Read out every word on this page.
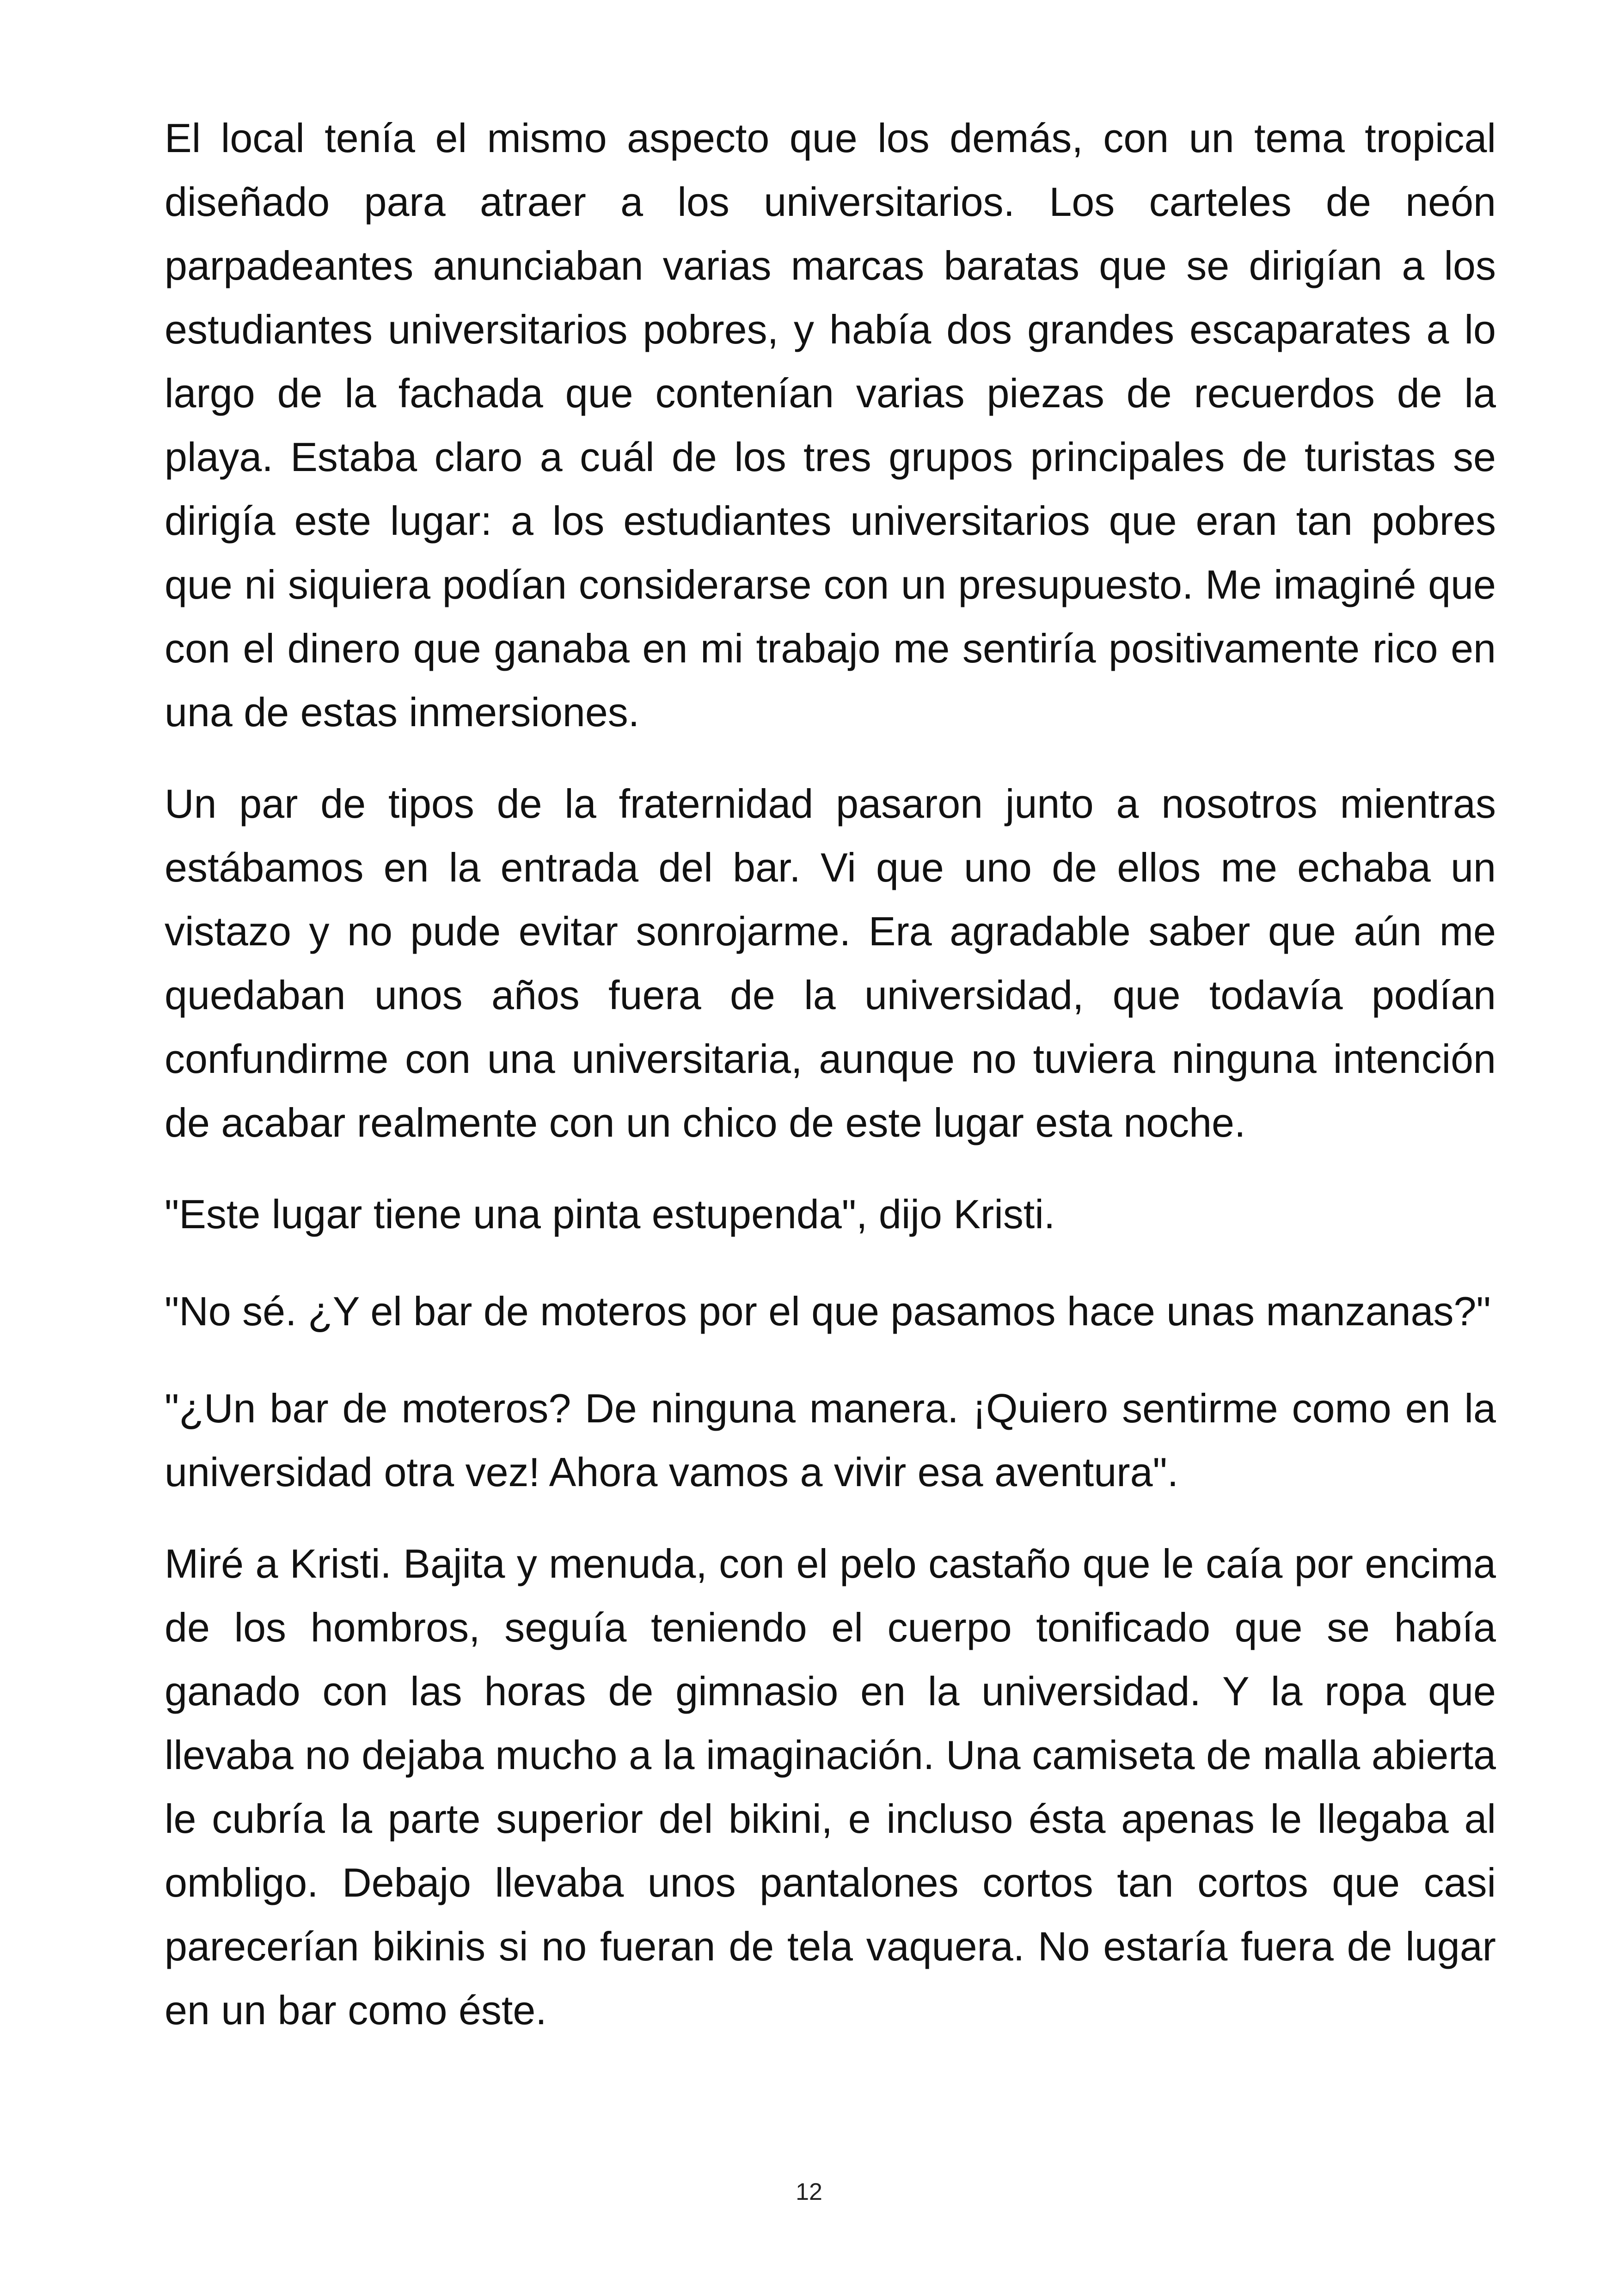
El local tenía el mismo aspecto que los demás, con un tema tropical diseñado para atraer a los universitarios. Los carteles de neón parpadeantes anunciaban varias marcas baratas que se dirigían a los estudiantes universitarios pobres, y había dos grandes escaparates a lo largo de la fachada que contenían varias piezas de recuerdos de la playa. Estaba claro a cuál de los tres grupos principales de turistas se dirigía este lugar: a los estudiantes universitarios que eran tan pobres que ni siquiera podían considerarse con un presupuesto. Me imaginé que con el dinero que ganaba en mi trabajo me sentiría positivamente rico en una de estas inmersiones.

Un par de tipos de la fraternidad pasaron junto a nosotros mientras estábamos en la entrada del bar. Vi que uno de ellos me echaba un vistazo y no pude evitar sonrojarme. Era agradable saber que aún me quedaban unos años fuera de la universidad, que todavía podían confundirme con una universitaria, aunque no tuviera ninguna intención de acabar realmente con un chico de este lugar esta noche.

"Este lugar tiene una pinta estupenda", dijo Kristi.

"No sé. ¿Y el bar de moteros por el que pasamos hace unas manzanas?"

"¿Un bar de moteros? De ninguna manera. ¡Quiero sentirme como en la universidad otra vez! Ahora vamos a vivir esa aventura".

Miré a Kristi. Bajita y menuda, con el pelo castaño que le caía por encima de los hombros, seguía teniendo el cuerpo tonificado que se había ganado con las horas de gimnasio en la universidad. Y la ropa que llevaba no dejaba mucho a la imaginación. Una camiseta de malla abierta le cubría la parte superior del bikini, e incluso ésta apenas le llegaba al ombligo. Debajo llevaba unos pantalones cortos tan cortos que casi parecerían bikinis si no fueran de tela vaquera. No estaría fuera de lugar en un bar como éste.

12
